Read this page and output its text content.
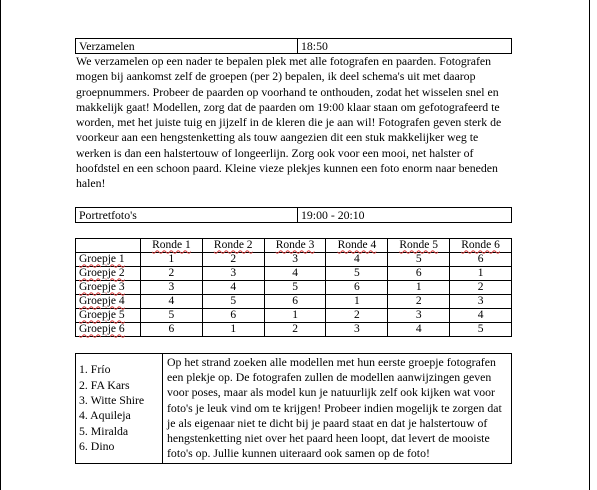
Verzamelen	18:50

We verzamelen op een nader te bepalen plek met alle fotografen en paarden. Fotografen mogen bij aankomst zelf de groepen (per 2) bepalen, ik deel schema's uit met daarop groepnummers. Probeer de paarden op voorhand te onthouden, zodat het wisselen snel en makkelijk gaat! Modellen, zorg dat de paarden om 19:00 klaar staan om gefotografeerd te worden, met het juiste tuig en jijzelf in de kleren die je aan wil! Fotografen geven sterk de voorkeur aan een hengstenketting als touw aangezien dit een stuk makkelijker weg te werken is dan een halstertouw of longeerlijn. Zorg ook voor een mooi, net halster of hoofdstel en een schoon paard. Kleine vieze plekjes kunnen een foto enorm naar beneden halen!

Portretfoto's	19:00 - 20:10
	Ronde 1	Ronde 2	Ronde 3	Ronde 4	Ronde 5	Ronde 6
Groepje 1	1	2	3	4	5	6
Groepje 2	2	3	4	5	6	1
Groepje 3	3	4	5	6	1	2
Groepje 4	4	5	6	1	2	3
Groepje 5	5	6	1	2	3	4
Groepje 6	6	1	2	3	4	5
1. Frío
2. FA Kars
3. Witte Shire
4. Aquileja
5. Miralda
6. Dino
	Op het strand zoeken alle modellen met hun eerste groepje fotografen een plekje op. De fotografen zullen de modellen aanwijzingen geven voor poses, maar als model kun je natuurlijk zelf ook kijken wat voor foto's je leuk vind om te krijgen! Probeer indien mogelijk te zorgen dat je als eigenaar niet te dicht bij je paard staat en dat je halstertouw of hengstenketting niet over het paard heen loopt, dat levert de mooiste foto's op. Jullie kunnen uiteraard ook samen op de foto!
